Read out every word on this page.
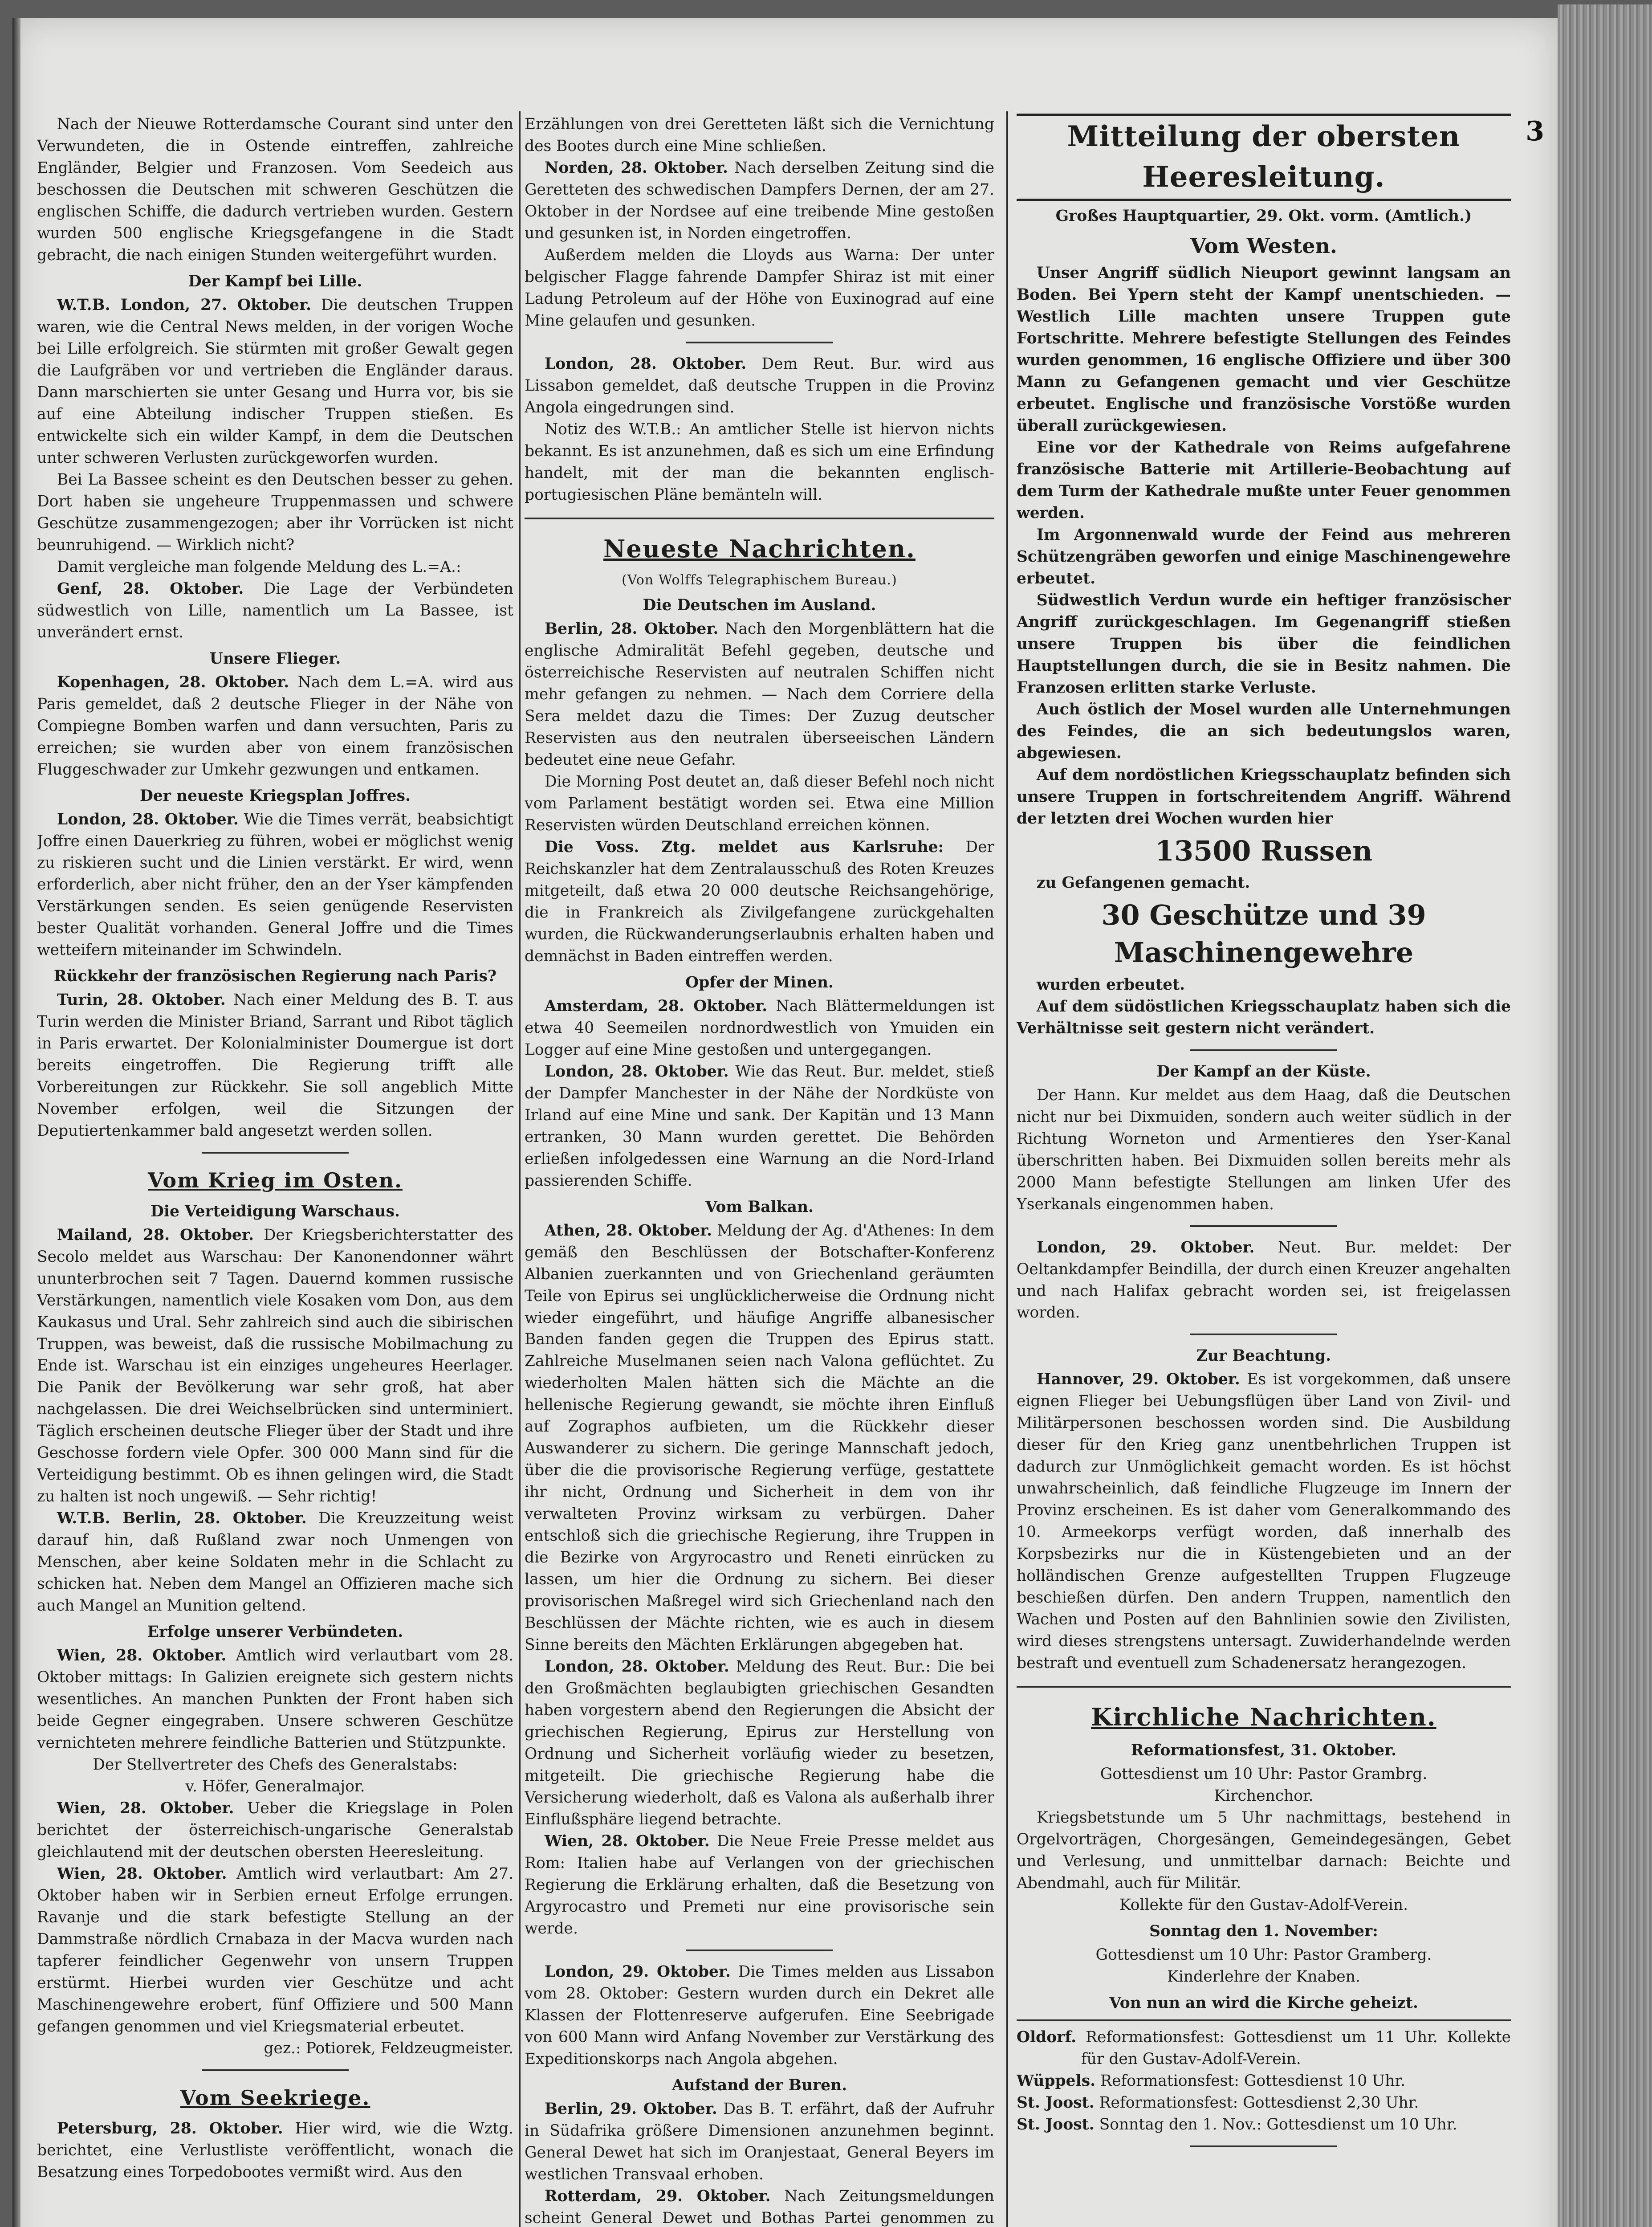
3

Nach der Nieuwe Rotterdamsche Courant sind unter den Verwundeten, die in Ostende eintreffen, zahlreiche Engländer, Belgier und Franzosen. Vom Seedeich aus beschossen die Deutschen mit schweren Geschützen die englischen Schiffe, die dadurch vertrieben wurden. Gestern wurden 500 englische Kriegsgefangene in die Stadt gebracht, die nach einigen Stunden weitergeführt wurden.

Der Kampf bei Lille.

W.T.B. London, 27. Oktober. Die deutschen Truppen waren, wie die Central News melden, in der vorigen Woche bei Lille erfolgreich. Sie stürmten mit großer Gewalt gegen die Laufgräben vor und vertrieben die Engländer daraus. Dann marschierten sie unter Gesang und Hurra vor, bis sie auf eine Abteilung indischer Truppen stießen. Es entwickelte sich ein wilder Kampf, in dem die Deutschen unter schweren Verlusten zurückgeworfen wurden.

Bei La Bassee scheint es den Deutschen besser zu gehen. Dort haben sie ungeheure Truppenmassen und schwere Geschütze zusammengezogen; aber ihr Vorrücken ist nicht beunruhigend. — Wirklich nicht?

Damit vergleiche man folgende Meldung des L.=A.:

Genf, 28. Oktober. Die Lage der Verbündeten südwestlich von Lille, namentlich um La Bassee, ist unverändert ernst.

Unsere Flieger.

Kopenhagen, 28. Oktober. Nach dem L.=A. wird aus Paris gemeldet, daß 2 deutsche Flieger in der Nähe von Compiegne Bomben warfen und dann versuchten, Paris zu erreichen; sie wurden aber von einem französischen Fluggeschwader zur Umkehr gezwungen und entkamen.

Der neueste Kriegsplan Joffres.

London, 28. Oktober. Wie die Times verrät, beabsichtigt Joffre einen Dauerkrieg zu führen, wobei er möglichst wenig zu riskieren sucht und die Linien verstärkt. Er wird, wenn erforderlich, aber nicht früher, den an der Yser kämpfenden Verstärkungen senden. Es seien genügende Reservisten bester Qualität vorhanden. General Joffre und die Times wetteifern miteinander im Schwindeln.

Rückkehr der französischen Regierung nach Paris?

Turin, 28. Oktober. Nach einer Meldung des B. T. aus Turin werden die Minister Briand, Sarrant und Ribot täglich in Paris erwartet. Der Kolonialminister Doumergue ist dort bereits eingetroffen. Die Regierung trifft alle Vorbereitungen zur Rückkehr. Sie soll angeblich Mitte November erfolgen, weil die Sitzungen der Deputiertenkammer bald angesetzt werden sollen.

Vom Krieg im Osten.
Die Verteidigung Warschaus.

Mailand, 28. Oktober. Der Kriegsberichterstatter des Secolo meldet aus Warschau: Der Kanonendonner währt ununterbrochen seit 7 Tagen. Dauernd kommen russische Verstärkungen, namentlich viele Kosaken vom Don, aus dem Kaukasus und Ural. Sehr zahlreich sind auch die sibirischen Truppen, was beweist, daß die russische Mobilmachung zu Ende ist. Warschau ist ein einziges ungeheures Heerlager. Die Panik der Bevölkerung war sehr groß, hat aber nachgelassen. Die drei Weichselbrücken sind unterminiert. Täglich erscheinen deutsche Flieger über der Stadt und ihre Geschosse fordern viele Opfer. 300 000 Mann sind für die Verteidigung bestimmt. Ob es ihnen gelingen wird, die Stadt zu halten ist noch ungewiß. — Sehr richtig!

W.T.B. Berlin, 28. Oktober. Die Kreuzzeitung weist darauf hin, daß Rußland zwar noch Unmengen von Menschen, aber keine Soldaten mehr in die Schlacht zu schicken hat. Neben dem Mangel an Offizieren mache sich auch Mangel an Munition geltend.

Erfolge unserer Verbündeten.

Wien, 28. Oktober. Amtlich wird verlautbart vom 28. Oktober mittags: In Galizien ereignete sich gestern nichts wesentliches. An manchen Punkten der Front haben sich beide Gegner eingegraben. Unsere schweren Geschütze vernichteten mehrere feindliche Batterien und Stützpunkte.

Der Stellvertreter des Chefs des Generalstabs:

v. Höfer, Generalmajor.

Wien, 28. Oktober. Ueber die Kriegslage in Polen berichtet der österreichisch-ungarische Generalstab gleichlautend mit der deutschen obersten Heeresleitung.

Wien, 28. Oktober. Amtlich wird verlautbart: Am 27. Oktober haben wir in Serbien erneut Erfolge errungen. Ravanje und die stark befestigte Stellung an der Dammstraße nördlich Crnabaza in der Macva wurden nach tapferer feindlicher Gegenwehr von unsern Truppen erstürmt. Hierbei wurden vier Geschütze und acht Maschinengewehre erobert, fünf Offiziere und 500 Mann gefangen genommen und viel Kriegsmaterial erbeutet.

gez.: Potiorek, Feldzeugmeister.

Vom Seekriege.

Petersburg, 28. Oktober. Hier wird, wie die Wztg. berichtet, eine Verlustliste veröffentlicht, wonach die Besatzung eines Torpedobootes vermißt wird. Aus den

Erzählungen von drei Geretteten läßt sich die Vernichtung des Bootes durch eine Mine schließen.

Norden, 28. Oktober. Nach derselben Zeitung sind die Geretteten des schwedischen Dampfers Dernen, der am 27. Oktober in der Nordsee auf eine treibende Mine gestoßen und gesunken ist, in Norden eingetroffen.

Außerdem melden die Lloyds aus Warna: Der unter belgischer Flagge fahrende Dampfer Shiraz ist mit einer Ladung Petroleum auf der Höhe von Euxinograd auf eine Mine gelaufen und gesunken.

London, 28. Oktober. Dem Reut. Bur. wird aus Lissabon gemeldet, daß deutsche Truppen in die Provinz Angola eingedrungen sind.

Notiz des W.T.B.: An amtlicher Stelle ist hiervon nichts bekannt. Es ist anzunehmen, daß es sich um eine Erfindung handelt, mit der man die bekannten englisch-portugiesischen Pläne bemänteln will.

Neueste Nachrichten.
(Von Wolffs Telegraphischem Bureau.)
Die Deutschen im Ausland.

Berlin, 28. Oktober. Nach den Morgenblättern hat die englische Admiralität Befehl gegeben, deutsche und österreichische Reservisten auf neutralen Schiffen nicht mehr gefangen zu nehmen. — Nach dem Corriere della Sera meldet dazu die Times: Der Zuzug deutscher Reservisten aus den neutralen überseeischen Ländern bedeutet eine neue Gefahr.

Die Morning Post deutet an, daß dieser Befehl noch nicht vom Parlament bestätigt worden sei. Etwa eine Million Reservisten würden Deutschland erreichen können.

Die Voss. Ztg. meldet aus Karlsruhe: Der Reichskanzler hat dem Zentralausschuß des Roten Kreuzes mitgeteilt, daß etwa 20 000 deutsche Reichsangehörige, die in Frankreich als Zivilgefangene zurückgehalten wurden, die Rückwanderungserlaubnis erhalten haben und demnächst in Baden eintreffen werden.

Opfer der Minen.

Amsterdam, 28. Oktober. Nach Blättermeldungen ist etwa 40 Seemeilen nordnordwestlich von Ymuiden ein Logger auf eine Mine gestoßen und untergegangen.

London, 28. Oktober. Wie das Reut. Bur. meldet, stieß der Dampfer Manchester in der Nähe der Nordküste von Irland auf eine Mine und sank. Der Kapitän und 13 Mann ertranken, 30 Mann wurden gerettet. Die Behörden erließen infolgedessen eine Warnung an die Nord-Irland passierenden Schiffe.

Vom Balkan.

Athen, 28. Oktober. Meldung der Ag. d'Athenes: In dem gemäß den Beschlüssen der Botschafter-Konferenz Albanien zuerkannten und von Griechenland geräumten Teile von Epirus sei unglücklicherweise die Ordnung nicht wieder eingeführt, und häufige Angriffe albanesischer Banden fanden gegen die Truppen des Epirus statt. Zahlreiche Muselmanen seien nach Valona geflüchtet. Zu wiederholten Malen hätten sich die Mächte an die hellenische Regierung gewandt, sie möchte ihren Einfluß auf Zographos aufbieten, um die Rückkehr dieser Auswanderer zu sichern. Die geringe Mannschaft jedoch, über die die provisorische Regierung verfüge, gestattete ihr nicht, Ordnung und Sicherheit in dem von ihr verwalteten Provinz wirksam zu verbürgen. Daher entschloß sich die griechische Regierung, ihre Truppen in die Bezirke von Argyrocastro und Reneti einrücken zu lassen, um hier die Ordnung zu sichern. Bei dieser provisorischen Maßregel wird sich Griechenland nach den Beschlüssen der Mächte richten, wie es auch in diesem Sinne bereits den Mächten Erklärungen abgegeben hat.

London, 28. Oktober. Meldung des Reut. Bur.: Die bei den Großmächten beglaubigten griechischen Gesandten haben vorgestern abend den Regierungen die Absicht der griechischen Regierung, Epirus zur Herstellung von Ordnung und Sicherheit vorläufig wieder zu besetzen, mitgeteilt. Die griechische Regierung habe die Versicherung wiederholt, daß es Valona als außerhalb ihrer Einflußsphäre liegend betrachte.

Wien, 28. Oktober. Die Neue Freie Presse meldet aus Rom: Italien habe auf Verlangen von der griechischen Regierung die Erklärung erhalten, daß die Besetzung von Argyrocastro und Premeti nur eine provisorische sein werde.

London, 29. Oktober. Die Times melden aus Lissabon vom 28. Oktober: Gestern wurden durch ein Dekret alle Klassen der Flottenreserve aufgerufen. Eine Seebrigade von 600 Mann wird Anfang November zur Verstärkung des Expeditionskorps nach Angola abgehen.

Aufstand der Buren.

Berlin, 29. Oktober. Das B. T. erfährt, daß der Aufruhr in Südafrika größere Dimensionen anzunehmen beginnt. General Dewet hat sich im Oranjestaat, General Beyers im westlichen Transvaal erhoben.

Rotterdam, 29. Oktober. Nach Zeitungsmeldungen scheint General Dewet und Bothas Partei genommen zu

Mitteilung der obersten Heeresleitung.
Großes Hauptquartier, 29. Okt. vorm. (Amtlich.)
Vom Westen.

Unser Angriff südlich Nieuport gewinnt langsam an Boden. Bei Ypern steht der Kampf unentschieden. — Westlich Lille machten unsere Truppen gute Fortschritte. Mehrere befestigte Stellungen des Feindes wurden genommen, 16 englische Offiziere und über 300 Mann zu Gefangenen gemacht und vier Geschütze erbeutet. Englische und französische Vorstöße wurden überall zurückgewiesen.

Eine vor der Kathedrale von Reims aufgefahrene französische Batterie mit Artillerie-Beobachtung auf dem Turm der Kathedrale mußte unter Feuer genommen werden.

Im Argonnenwald wurde der Feind aus mehreren Schützengräben geworfen und einige Maschinengewehre erbeutet.

Südwestlich Verdun wurde ein heftiger französischer Angriff zurückgeschlagen. Im Gegenangriff stießen unsere Truppen bis über die feindlichen Hauptstellungen durch, die sie in Besitz nahmen. Die Franzosen erlitten starke Verluste.

Auch östlich der Mosel wurden alle Unternehmungen des Feindes, die an sich bedeutungslos waren, abgewiesen.

Auf dem nordöstlichen Kriegsschauplatz befinden sich unsere Truppen in fortschreitendem Angriff. Während der letzten drei Wochen wurden hier

13500 Russen

zu Gefangenen gemacht.

30 Geschütze und 39 Maschinengewehre

wurden erbeutet.

Auf dem südöstlichen Kriegsschauplatz haben sich die Verhältnisse seit gestern nicht verändert.

Der Kampf an der Küste.

Der Hann. Kur meldet aus dem Haag, daß die Deutschen nicht nur bei Dixmuiden, sondern auch weiter südlich in der Richtung Worneton und Armentieres den Yser-Kanal überschritten haben. Bei Dixmuiden sollen bereits mehr als 2000 Mann befestigte Stellungen am linken Ufer des Yserkanals eingenommen haben.

London, 29. Oktober. Neut. Bur. meldet: Der Oeltankdampfer Beindilla, der durch einen Kreuzer angehalten und nach Halifax gebracht worden sei, ist freigelassen worden.

Zur Beachtung.

Hannover, 29. Oktober. Es ist vorgekommen, daß unsere eignen Flieger bei Uebungsflügen über Land von Zivil- und Militärpersonen beschossen worden sind. Die Ausbildung dieser für den Krieg ganz unentbehrlichen Truppen ist dadurch zur Unmöglichkeit gemacht worden. Es ist höchst unwahrscheinlich, daß feindliche Flugzeuge im Innern der Provinz erscheinen. Es ist daher vom Generalkommando des 10. Armeekorps verfügt worden, daß innerhalb des Korpsbezirks nur die in Küstengebieten und an der holländischen Grenze aufgestellten Truppen Flugzeuge beschießen dürfen. Den andern Truppen, namentlich den Wachen und Posten auf den Bahnlinien sowie den Zivilisten, wird dieses strengstens untersagt. Zuwiderhandelnde werden bestraft und eventuell zum Schadenersatz herangezogen.

Kirchliche Nachrichten.
Reformationsfest, 31. Oktober.

Gottesdienst um 10 Uhr: Pastor Grambrg.

Kirchenchor.

Kriegsbetstunde um 5 Uhr nachmittags, bestehend in Orgelvorträgen, Chorgesängen, Gemeindegesängen, Gebet und Verlesung, und unmittelbar darnach: Beichte und Abendmahl, auch für Militär.

Kollekte für den Gustav-Adolf-Verein.

Sonntag den 1. November:

Gottesdienst um 10 Uhr: Pastor Gramberg.

Kinderlehre der Knaben.

Von nun an wird die Kirche geheizt.

Oldorf. Reformationsfest: Gottesdienst um 11 Uhr. Kollekte für den Gustav-Adolf-Verein.

Wüppels. Reformationsfest: Gottesdienst 10 Uhr.

St. Joost. Reformationsfest: Gottesdienst 2,30 Uhr.

St. Joost. Sonntag den 1. Nov.: Gottesdienst um 10 Uhr.
